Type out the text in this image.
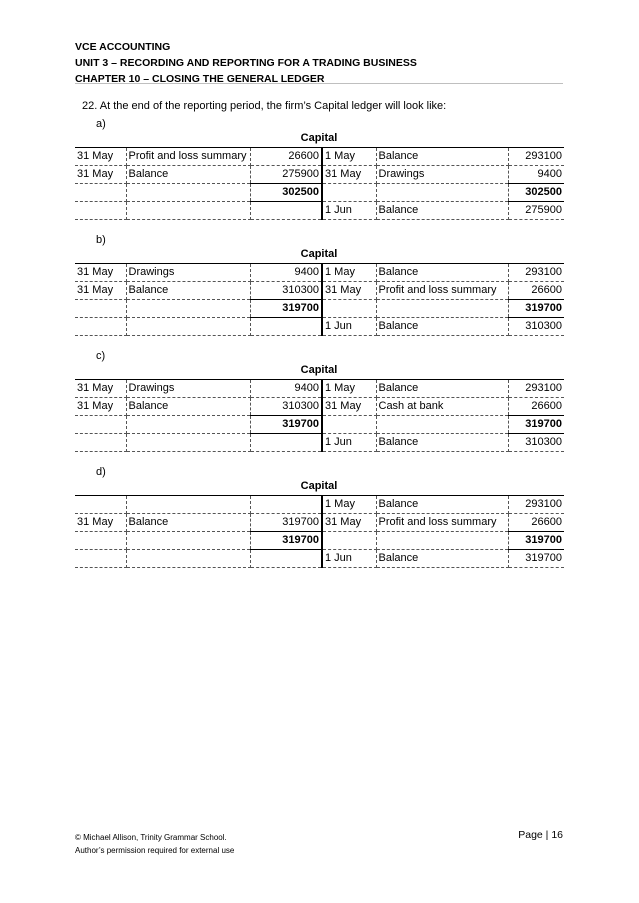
VCE ACCOUNTING
UNIT 3 – RECORDING AND REPORTING FOR A TRADING BUSINESS
CHAPTER 10 – CLOSING THE GENERAL LEDGER
22. At the end of the reporting period, the firm’s Capital ledger will look like:
a)
Capital
31 May	Profit and loss summary	26600	1 May	Balance	293100
31 May	Balance	275900	31 May	Drawings	9400
		302500			302500
			1 Jun	Balance	275900
b)
Capital
31 May	Drawings	9400	1 May	Balance	293100
31 May	Balance	310300	31 May	Profit and loss summary	26600
		319700			319700
			1 Jun	Balance	310300
c)
Capital
31 May	Drawings	9400	1 May	Balance	293100
31 May	Balance	310300	31 May	Cash at bank	26600
		319700			319700
			1 Jun	Balance	310300
d)
Capital
			1 May	Balance	293100
31 May	Balance	319700	31 May	Profit and loss summary	26600
		319700			319700
			1 Jun	Balance	319700
© Michael Allison, Trinity Grammar School.
Author’s permission required for external use
Page | 16
